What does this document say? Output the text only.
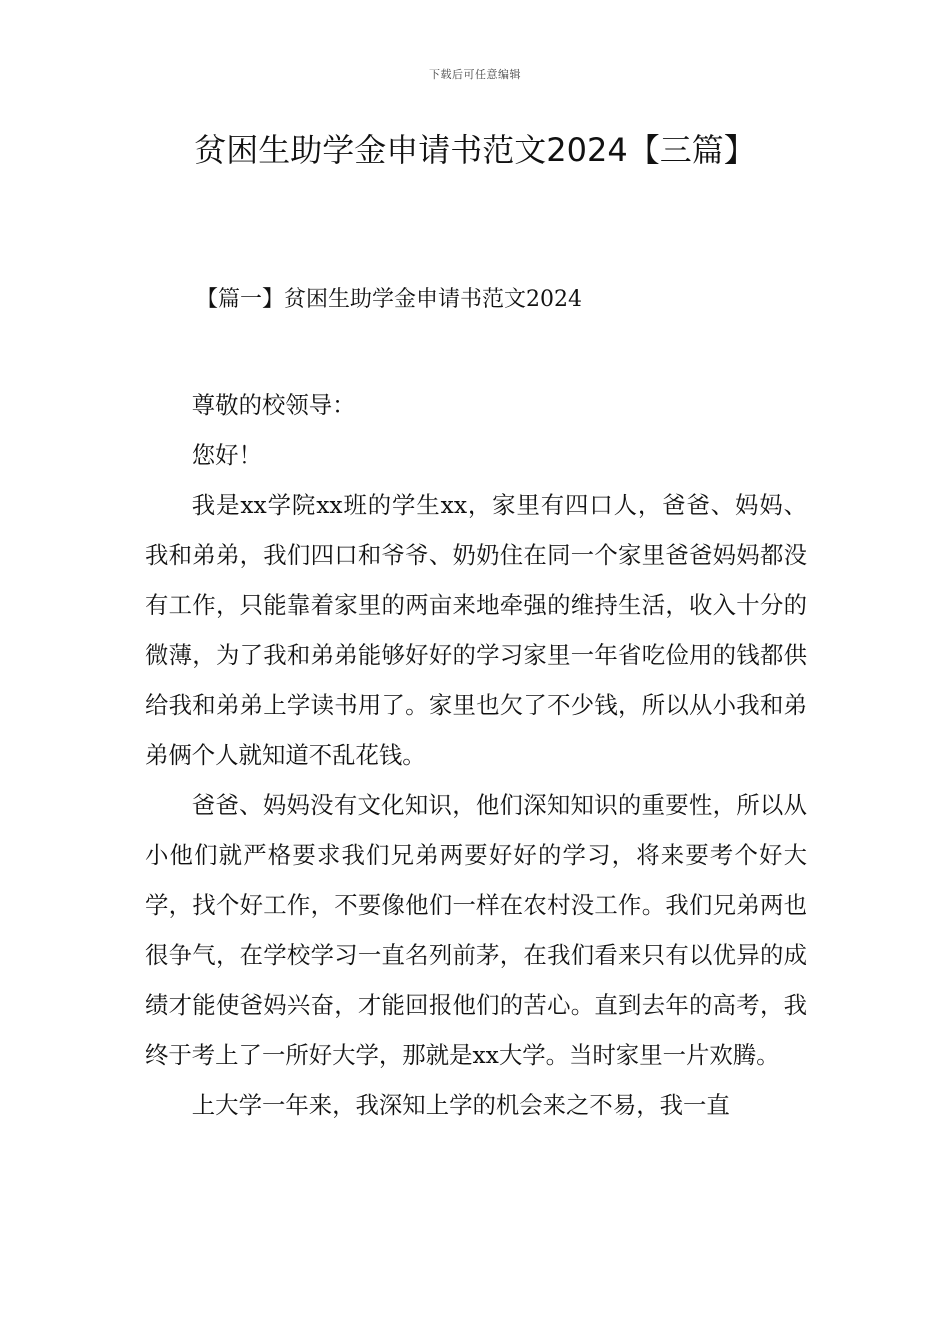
下载后可任意编辑
贫困生助学金申请书范文2024【三篇】
【篇一】贫困生助学金申请书范文2024

尊敬的校领导：

您好！

我是xx学院xx班的学生xx，家里有四口人，爸爸、妈妈、我和弟弟，我们四口和爷爷、奶奶住在同一个家里爸爸妈妈都没有工作，只能靠着家里的两亩来地牵强的维持生活，收入十分的微薄，为了我和弟弟能够好好的学习家里一年省吃俭用的钱都供给我和弟弟上学读书用了。家里也欠了不少钱，所以从小我和弟弟俩个人就知道不乱花钱。

爸爸、妈妈没有文化知识，他们深知知识的重要性，所以从小他们就严格要求我们兄弟两要好好的学习，将来要考个好大学，找个好工作，不要像他们一样在农村没工作。我们兄弟两也很争气，在学校学习一直名列前茅，在我们看来只有以优异的成绩才能使爸妈兴奋，才能回报他们的苦心。直到去年的高考，我终于考上了一所好大学，那就是xx大学。当时家里一片欢腾。

上大学一年来，我深知上学的机会来之不易，我一直
